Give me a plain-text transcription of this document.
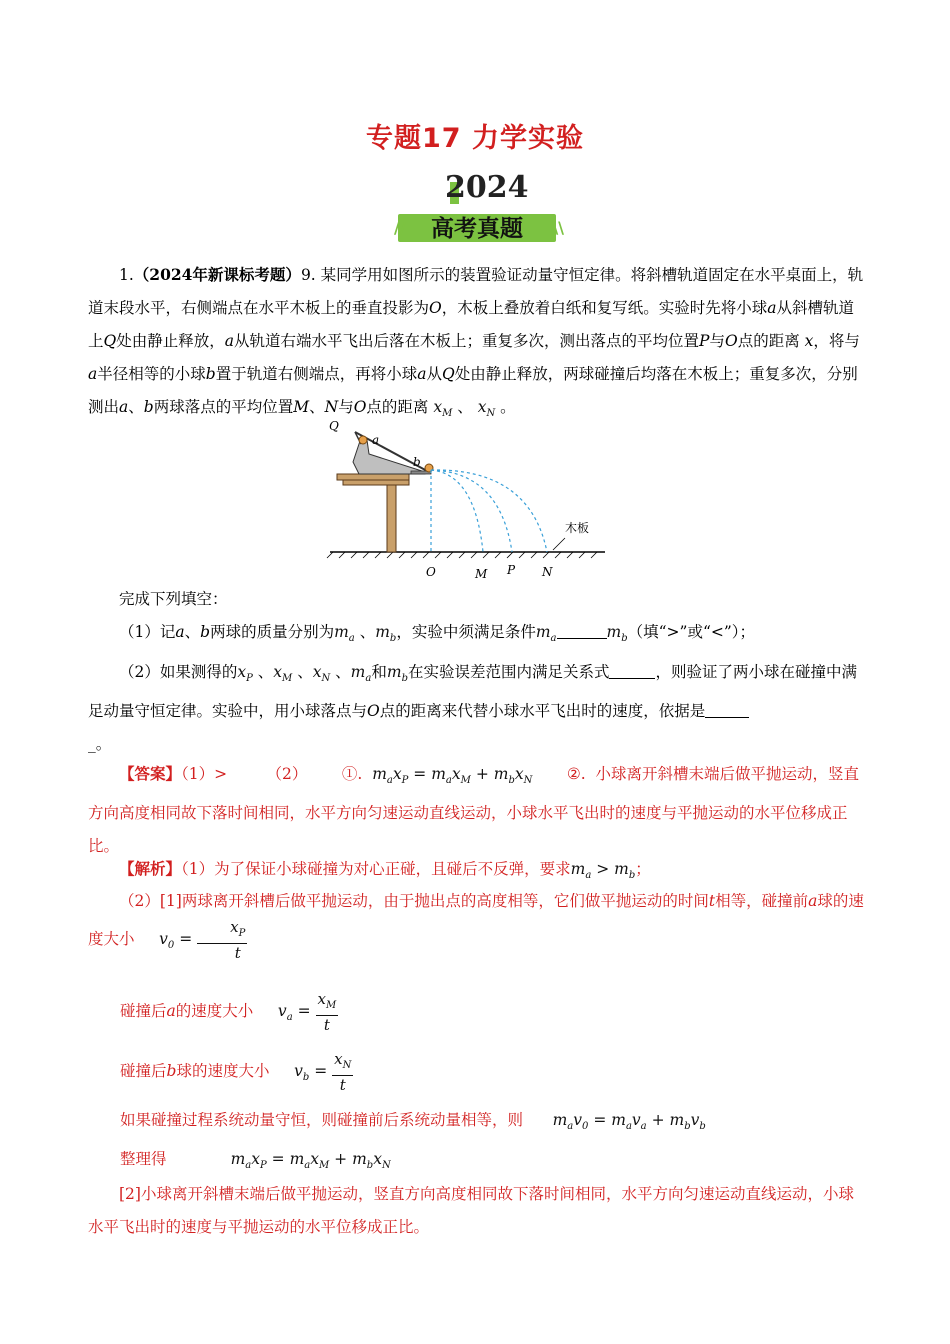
专题17 力学实验
2024
//	\\
高考真题
1.（2024年新课标考题）9. 某同学用如图所示的装置验证动量守恒定律。将斜槽轨道固定在水平桌面上，轨道末段水平，右侧端点在水平木板上的垂直投影为O，木板上叠放着白纸和复写纸。实验时先将小球a从斜槽轨道上Q处由静止释放，a从轨道右端水平飞出后落在木板上；重复多次，测出落点的平均位置P与O点的距离 x，将与a半径相等的小球b置于轨道右侧端点，再将小球a从Q处由静止释放，两球碰撞后均落在木板上；重复多次，分别测出a、b两球落点的平均位置M、N与O点的距离 $x_M$ 、 $x_N$ 。
Q
a
b
木板
O	M P N
完成下列填空：
（1）记a、b两球的质量分别为$m_a$ 、$m_b$，实验中须满足条件$m_a$	$m_b$（填“>”或“<”）；
（2）如果测得的$x_P$ 、$x_M$ 、$x_N$ 、$m_a$和$m_b$在实验误差范围内满足关系式	，则验证了两小球在碰撞中满足动量守恒定律。实验中，用小球落点与O点的距离来代替小球水平飞出时的速度，依据是
_。
【答案】（1）>	（2） ①. $m_ax_P = m_ax_M + m_bx_N$ ②. 小球离开斜槽末端后做平抛运动，竖直方向高度相同故下落时间相同，水平方向匀速运动直线运动，小球水平飞出时的速度与平抛运动的水平位移成正比。
【解析】（1）为了保证小球碰撞为对心正碰，且碰后不反弹，要求$m_a > m_b$；
（2）[1]两球离开斜槽后做平抛运动，由于抛出点的高度相等，它们做平抛运动的时间t相等，碰撞前a球的速度大小 $v_0 = \frac{x_P}{t}$
碰撞后a的速度大小 $v_a = \frac{x_M}{t}$
碰撞后b球的速度大小 $v_b = \frac{x_N}{t}$
如果碰撞过程系统动量守恒，则碰撞前后系统动量相等，则 $m_av_0 = m_av_a + m_bv_b$
整理得	$m_ax_P = m_ax_M + m_bx_N$
[2]小球离开斜槽末端后做平抛运动，竖直方向高度相同故下落时间相同，水平方向匀速运动直线运动，小球水平飞出时的速度与平抛运动的水平位移成正比。
